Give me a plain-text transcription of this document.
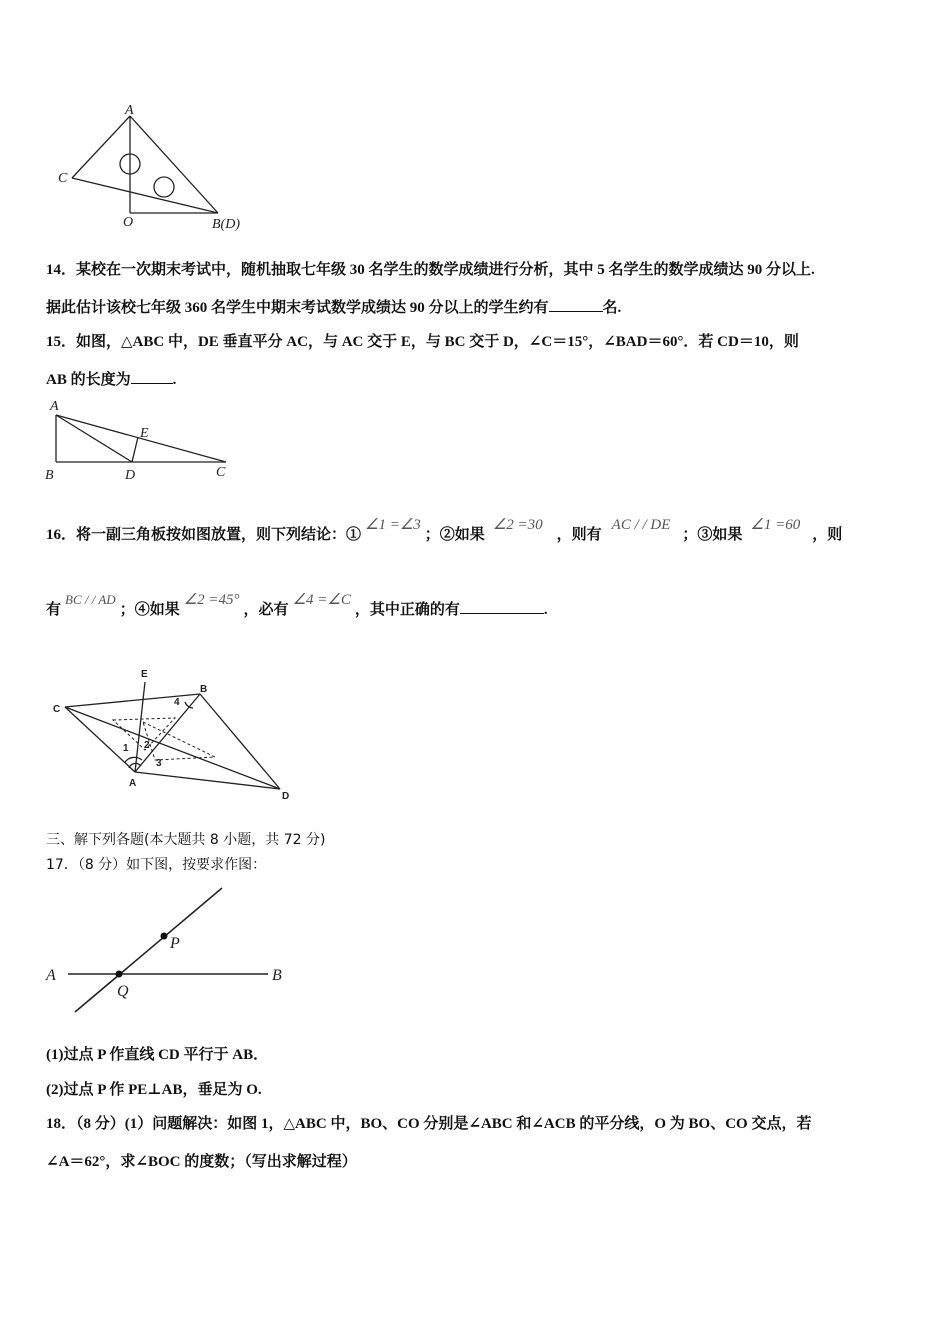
A
C
O	B(D)
14．某校在一次期末考试中，随机抽取七年级 30 名学生的数学成绩进行分析，其中 5 名学生的数学成绩达 90 分以上.
据此估计该校七年级 360 名学生中期末考试数学成绩达 90 分以上的学生约有	名.
15．如图，△ABC 中，DE 垂直平分 AC，与 AC 交于 E，与 BC 交于 D，∠C＝15°，∠BAD＝60°．若 CD＝10，则
AB 的长度为	.
A
B	D	C
E
16．将一副三角板按如图放置，则下列结论：①∠1 =∠3；②如果∠2 =30，则有AC / / DE；③如果∠1 =60，则
有BC / / AD；④如果∠2 =45°，必有∠4 =∠C，其中正确的有	.
E
B
C
A
D
1 2
3
4
三、解下列各题(本大题共 8 小题，共 72 分)
17．（8 分）如下图，按要求作图：
A	B
P
Q
(1)过点 P 作直线 CD 平行于 AB．
(2)过点 P 作 PE⊥AB，垂足为 O.
18．（8 分）(1）问题解决：如图 1，△ABC 中，BO、CO 分别是∠ABC 和∠ACB 的平分线，O 为 BO、CO 交点，若
∠A＝62°，求∠BOC 的度数；（写出求解过程）
